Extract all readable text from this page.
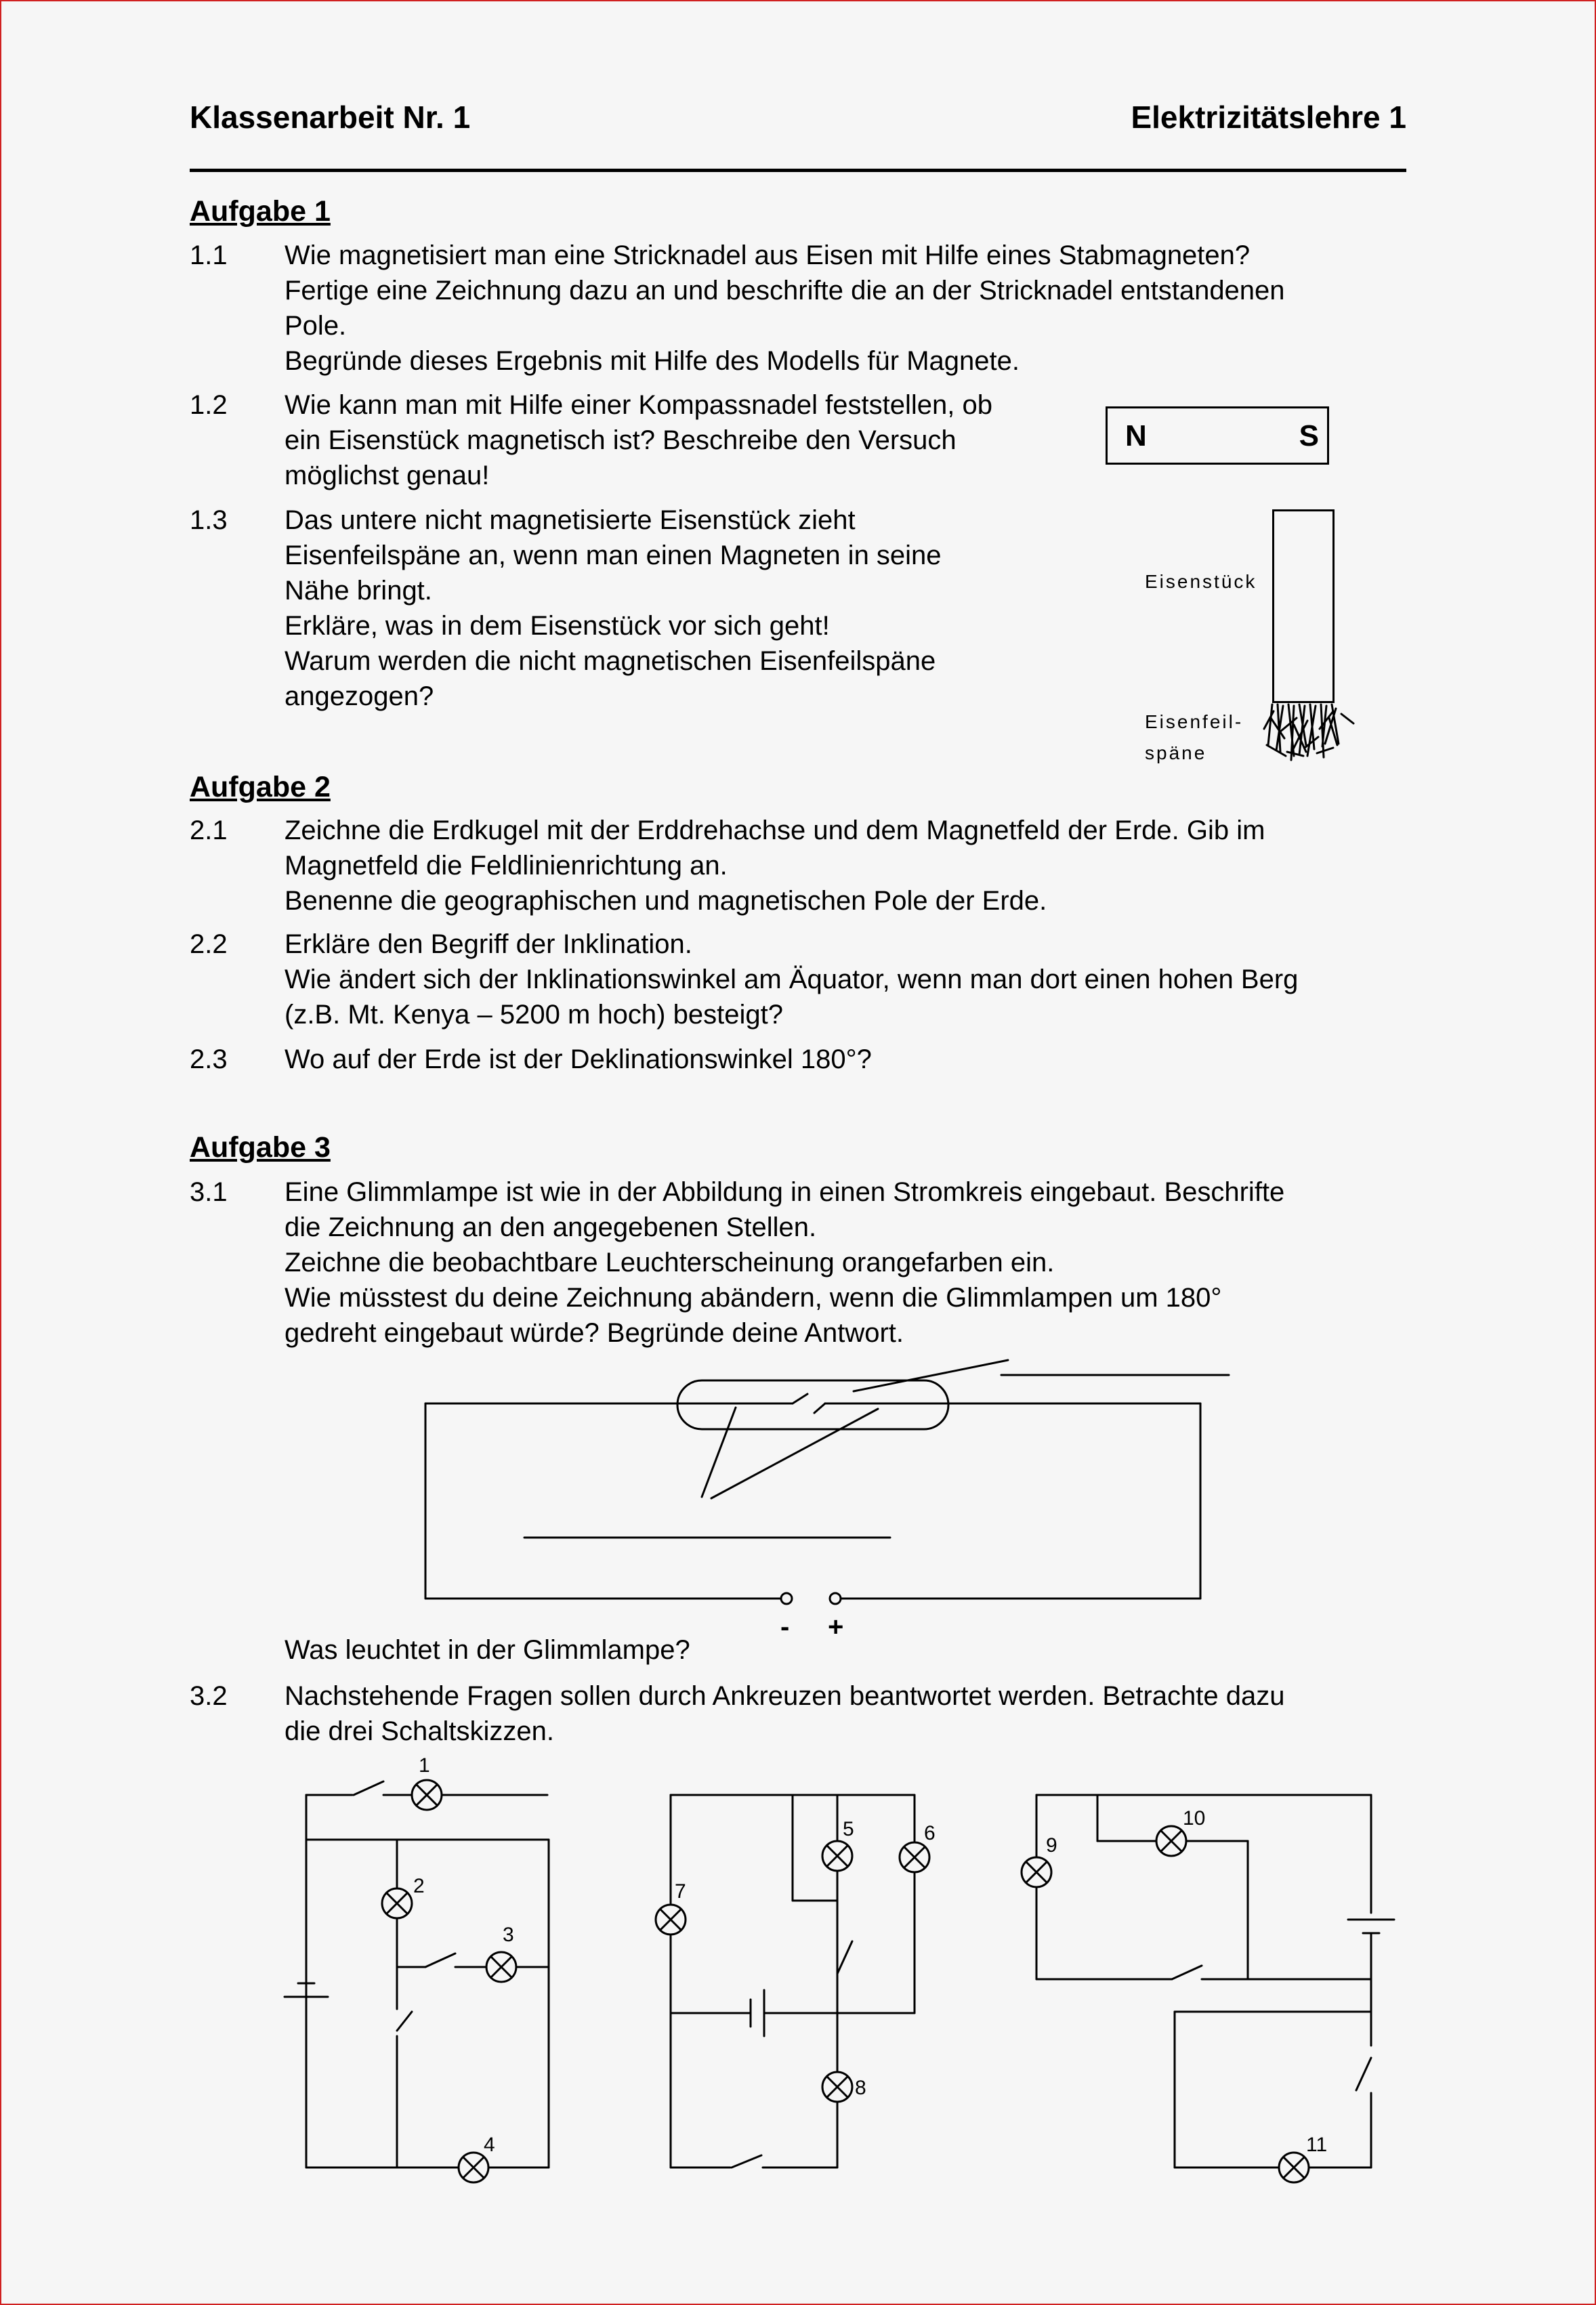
Klassenarbeit Nr. 1	Elektrizitätslehre 1
Aufgabe 1
1.1 Wie magnetisiert man eine Stricknadel aus Eisen mit Hilfe eines Stabmagneten?
Fertige eine Zeichnung dazu an und beschrifte die an der Stricknadel entstandenen
Pole.
Begründe dieses Ergebnis mit Hilfe des Modells für Magnete.
1.2 Wie kann man mit Hilfe einer Kompassnadel feststellen, ob
ein Eisenstück magnetisch ist? Beschreibe den Versuch
möglichst genau!
1.3 Das untere nicht magnetisierte Eisenstück zieht
Eisenfeilspäne an, wenn man einen Magneten in seine
Nähe bringt.
Erkläre, was in dem Eisenstück vor sich geht!
Warum werden die nicht magnetischen Eisenfeilspäne
angezogen?
N	S
Eisenstück
Eisenfeil-
späne
Aufgabe 2
2.1 Zeichne die Erdkugel mit der Erddrehachse und dem Magnetfeld der Erde. Gib im
Magnetfeld die Feldlinienrichtung an.
Benenne die geographischen und magnetischen Pole der Erde.
2.2 Erkläre den Begriff der Inklination.
Wie ändert sich der Inklinationswinkel am Äquator, wenn man dort einen hohen Berg
(z.B. Mt. Kenya – 5200 m hoch) besteigt?
2.3 Wo auf der Erde ist der Deklinationswinkel 180°?
Aufgabe 3
3.1 Eine Glimmlampe ist wie in der Abbildung in einen Stromkreis eingebaut. Beschrifte
die Zeichnung an den angegebenen Stellen.
Zeichne die beobachtbare Leuchterscheinung orangefarben ein.
Wie müsstest du deine Zeichnung abändern, wenn die Glimmlampen um 180°
gedreht eingebaut würde? Begründe deine Antwort.
- +
Was leuchtet in der Glimmlampe?
3.2 Nachstehende Fragen sollen durch Ankreuzen beantwortet werden. Betrachte dazu
die drei Schaltskizzen.
1
2
3
4
5	6
7
8
9
10
11
